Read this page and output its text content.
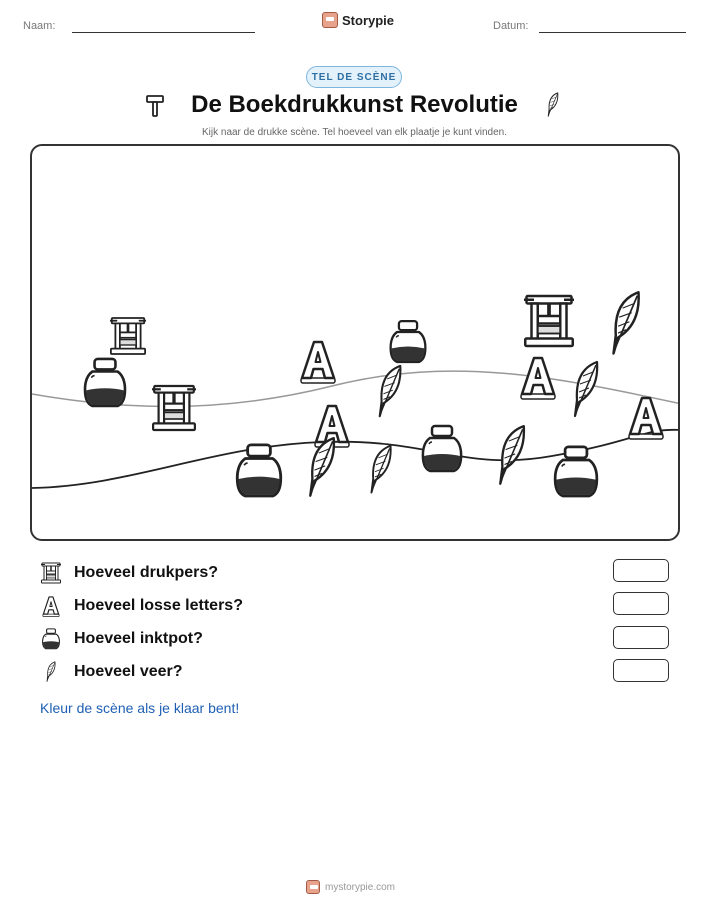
Naam:	Storypie	Datum:
TEL DE SCÈNE
De Boekdrukkunst Revolutie
Kijk naar de drukke scène. Tel hoeveel van elk plaatje je kunt vinden.
Hoeveel drukpers?
Hoeveel losse letters?
Hoeveel inktpot?
Hoeveel veer?
Kleur de scène als je klaar bent!
mystorypie.com
